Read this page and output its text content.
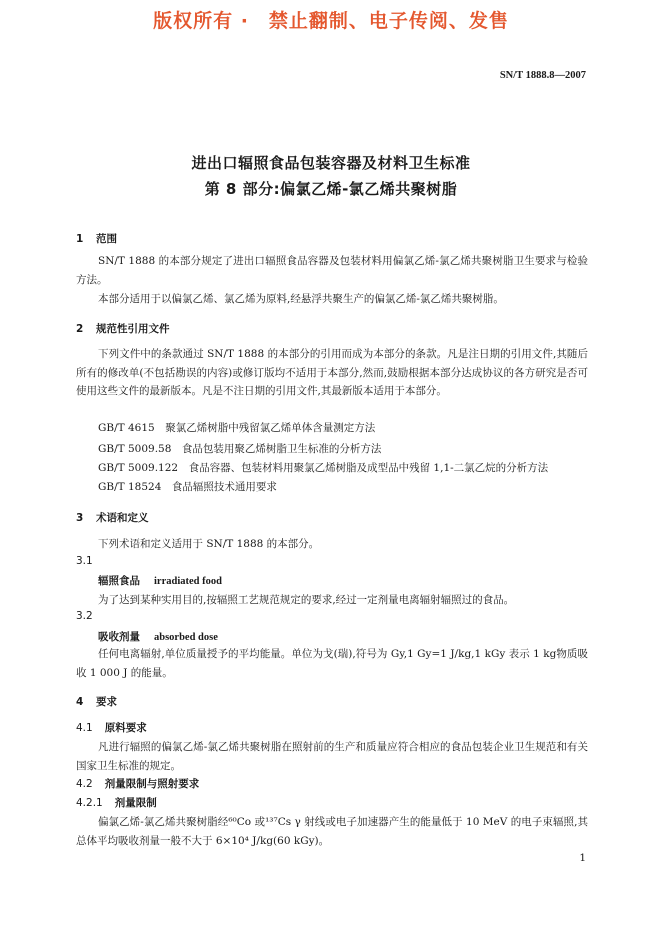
版权所有 ·　禁止翻制、电子传阅、发售
SN/T 1888.8—2007
进出口辐照食品包装容器及材料卫生标准
第 8 部分:偏氯乙烯-氯乙烯共聚树脂
1 范围
SN/T 1888 的本部分规定了进出口辐照食品容器及包装材料用偏氯乙烯-氯乙烯共聚树脂卫生要求与检验方法。
本部分适用于以偏氯乙烯、氯乙烯为原料,经悬浮共聚生产的偏氯乙烯-氯乙烯共聚树脂。
2 规范性引用文件
下列文件中的条款通过 SN/T 1888 的本部分的引用而成为本部分的条款。凡是注日期的引用文件,其随后所有的修改单(不包括勘误的内容)或修订版均不适用于本部分,然而,鼓励根据本部分达成协议的各方研究是否可使用这些文件的最新版本。凡是不注日期的引用文件,其最新版本适用于本部分。
GB/T 4615　聚氯乙烯树脂中残留氯乙烯单体含量测定方法
GB/T 5009.58　食品包装用聚乙烯树脂卫生标准的分析方法
GB/T 5009.122　食品容器、包装材料用聚氯乙烯树脂及成型品中残留 1,1-二氯乙烷的分析方法
GB/T 18524　食品辐照技术通用要求
3 术语和定义
下列术语和定义适用于 SN/T 1888 的本部分。
3.1
辐照食品 irradiated food
为了达到某种实用目的,按辐照工艺规范规定的要求,经过一定剂量电离辐射辐照过的食品。
3.2
吸收剂量 absorbed dose
任何电离辐射,单位质量授予的平均能量。单位为戈(瑞),符号为 Gy,1 Gy=1 J/kg,1 kGy 表示 1 kg物质吸收 1 000 J 的能量。
4 要求
4.1 原料要求
凡进行辐照的偏氯乙烯-氯乙烯共聚树脂在照射前的生产和质量应符合相应的食品包装企业卫生规范和有关国家卫生标准的规定。
4.2 剂量限制与照射要求
4.2.1 剂量限制
偏氯乙烯-氯乙烯共聚树脂经⁶⁰Co 或¹³⁷Cs γ 射线或电子加速器产生的能量低于 10 MeV 的电子束辐照,其总体平均吸收剂量一般不大于 6×10⁴ J/kg(60 kGy)。
1
